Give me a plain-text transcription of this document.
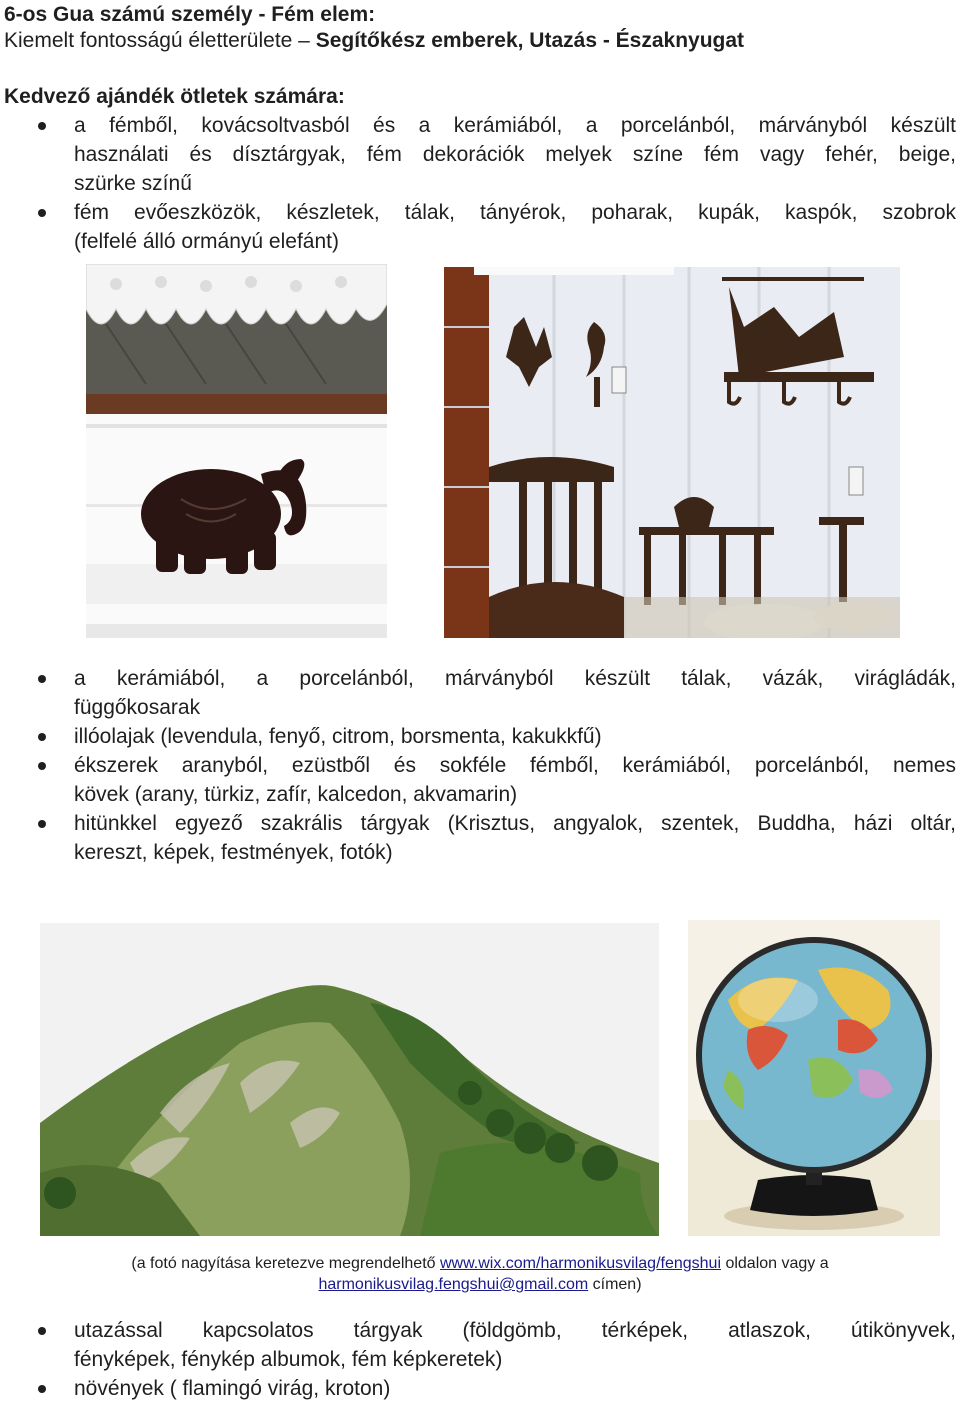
6-os Gua számú személy - Fém elem:
Kiemelt fontosságú életterülete – Segítőkész emberek, Utazás - Északnyugat
Kedvező ajándék ötletek számára:
a fémből, kovácsoltvasból és a kerámiából, a porcelánból, márványból készült
használati és dísztárgyak, fém dekorációk melyek színe fém vagy fehér, beige,
szürke színű
fém evőeszközök, készletek, tálak, tányérok, poharak, kupák, kaspók, szobrok
(felfelé álló ormányú elefánt)
a kerámiából, a porcelánból, márványból készült tálak, vázák, virágládák,
függőkosarak
illóolajak (levendula, fenyő, citrom, borsmenta, kakukkfű)
ékszerek aranyból, ezüstből és sokféle fémből, kerámiából, porcelánból, nemes
kövek (arany, türkiz, zafír, kalcedon, akvamarin)
hitünkkel egyező szakrális tárgyak (Krisztus, angyalok, szentek, Buddha, házi oltár,
kereszt, képek, festmények, fotók)
(a fotó nagyítása keretezve megrendelhető www.wix.com/harmonikusvilag/fengshui oldalon vagy a
harmonikusvilag.fengshui@gmail.com címen)
utazással kapcsolatos tárgyak (földgömb, térképek, atlaszok, útikönyvek,
fényképek, fénykép albumok, fém képkeretek)
növények ( flamingó virág, kroton)
